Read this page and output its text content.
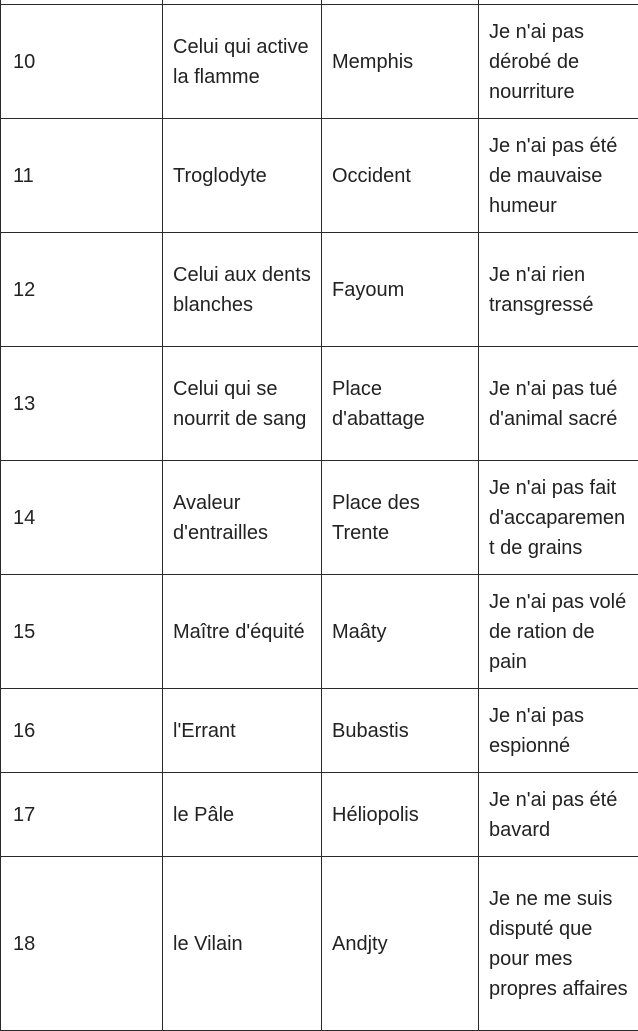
10	Celui qui active la flamme	Memphis	Je n'ai pas dérobé de nourriture
11	Troglodyte	Occident	Je n'ai pas été de mauvaise humeur
12	Celui aux dents blanches	Fayoum	Je n'ai rien transgressé
13	Celui qui se nourrit de sang	Place d'abattage	Je n'ai pas tué d'animal sacré
14	Avaleur d'entrailles	Place des Trente	Je n'ai pas fait d'accaparement de grains
15	Maître d'équité	Maâty	Je n'ai pas volé de ration de pain
16	l'Errant	Bubastis	Je n'ai pas espionné
17	le Pâle	Héliopolis	Je n'ai pas été bavard
18	le Vilain	Andjty	Je ne me suis disputé que pour mes propres affaires
